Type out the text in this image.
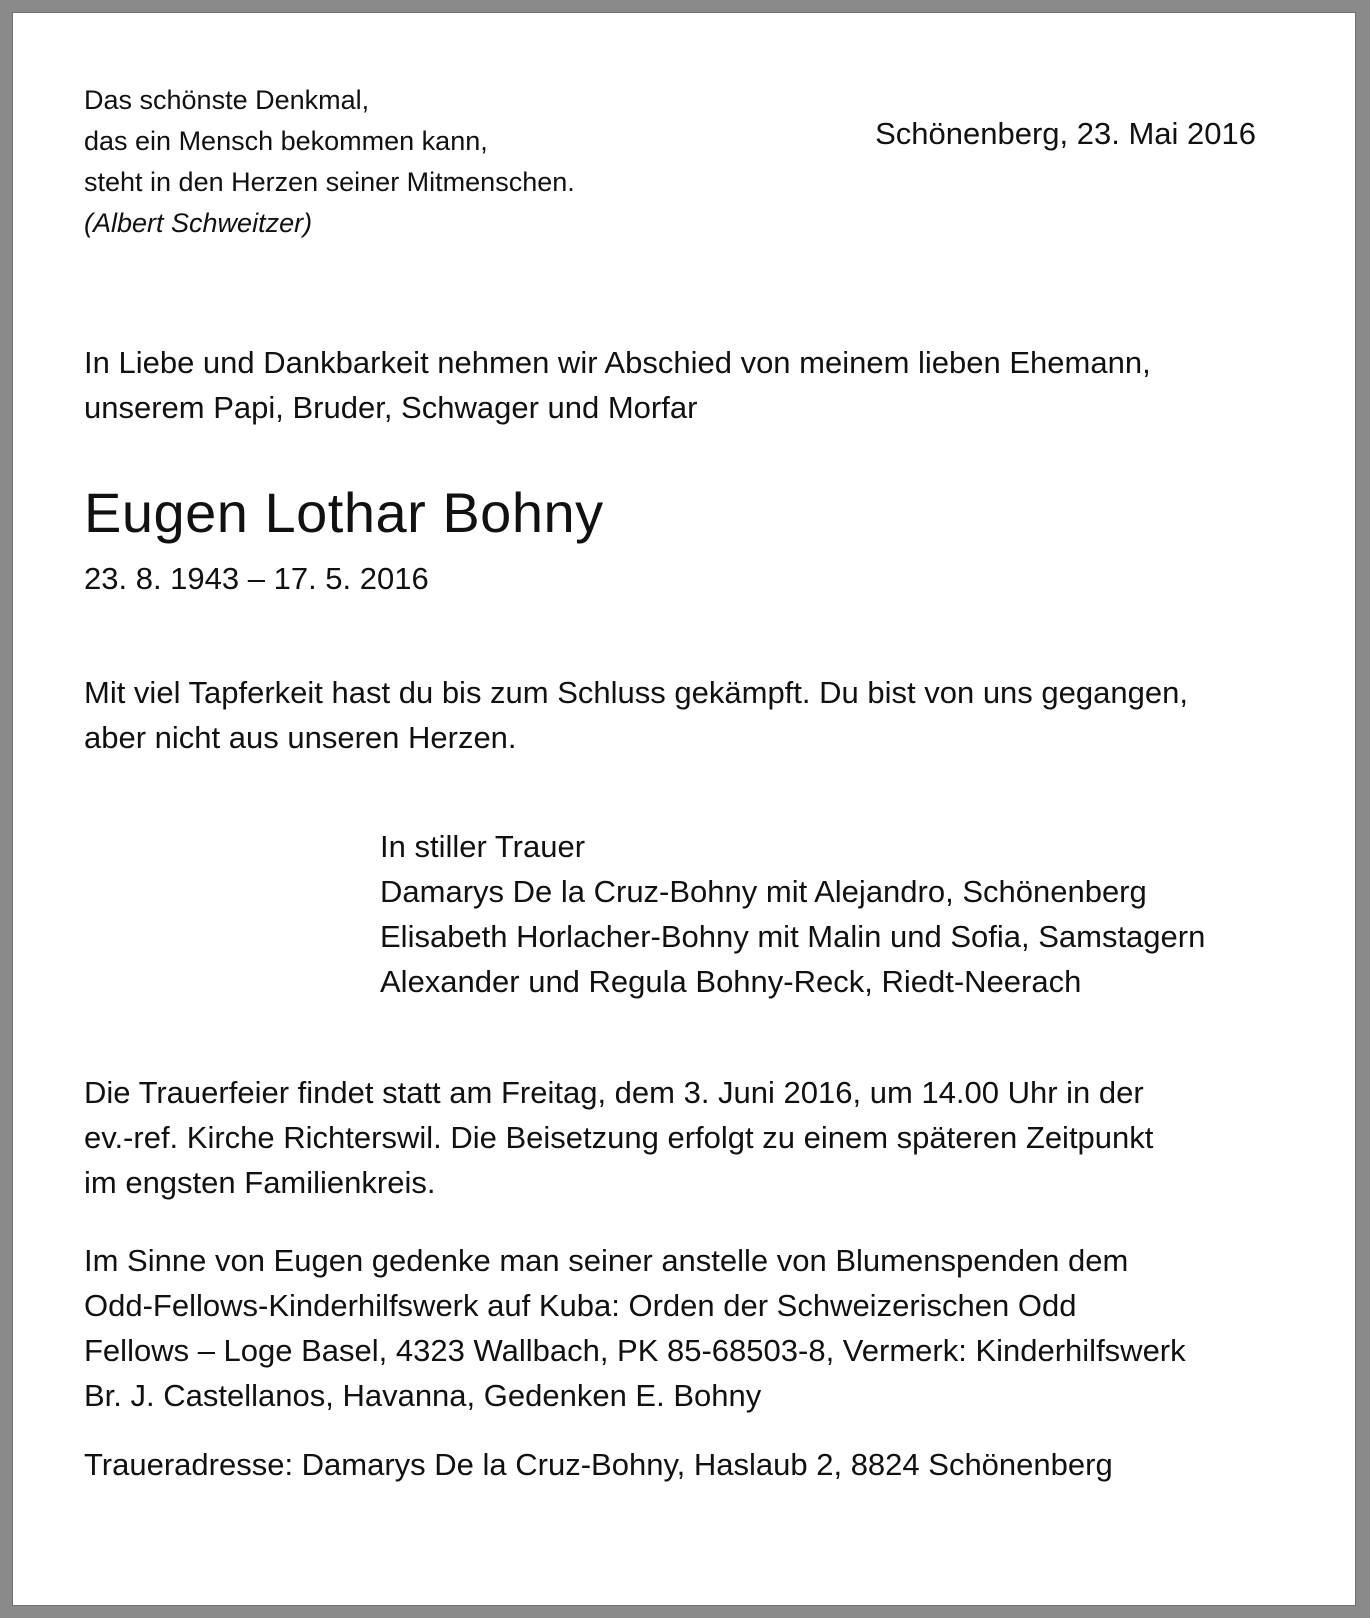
Das schönste Denkmal,
das ein Mensch bekommen kann,
steht in den Herzen seiner Mitmenschen.
(Albert Schweitzer)
Schönenberg, 23. Mai 2016
In Liebe und Dankbarkeit nehmen wir Abschied von meinem lieben Ehemann,
unserem Papi, Bruder, Schwager und Morfar
Eugen Lothar Bohny
23. 8. 1943 – 17. 5. 2016
Mit viel Tapferkeit hast du bis zum Schluss gekämpft. Du bist von uns gegangen,
aber nicht aus unseren Herzen.
In stiller Trauer
Damarys De la Cruz-Bohny mit Alejandro, Schönenberg
Elisabeth Horlacher-Bohny mit Malin und Sofia, Samstagern
Alexander und Regula Bohny-Reck, Riedt-Neerach
Die Trauerfeier findet statt am Freitag, dem 3. Juni 2016, um 14.00 Uhr in der
ev.-ref. Kirche Richterswil. Die Beisetzung erfolgt zu einem späteren Zeitpunkt
im engsten Familienkreis.
Im Sinne von Eugen gedenke man seiner anstelle von Blumenspenden dem
Odd-Fellows-Kinderhilfswerk auf Kuba: Orden der Schweizerischen Odd
Fellows – Loge Basel, 4323 Wallbach, PK 85-68503-8, Vermerk: Kinderhilfswerk
Br. J. Castellanos, Havanna, Gedenken E. Bohny
Traueradresse: Damarys De la Cruz-Bohny, Haslaub 2, 8824 Schönenberg
